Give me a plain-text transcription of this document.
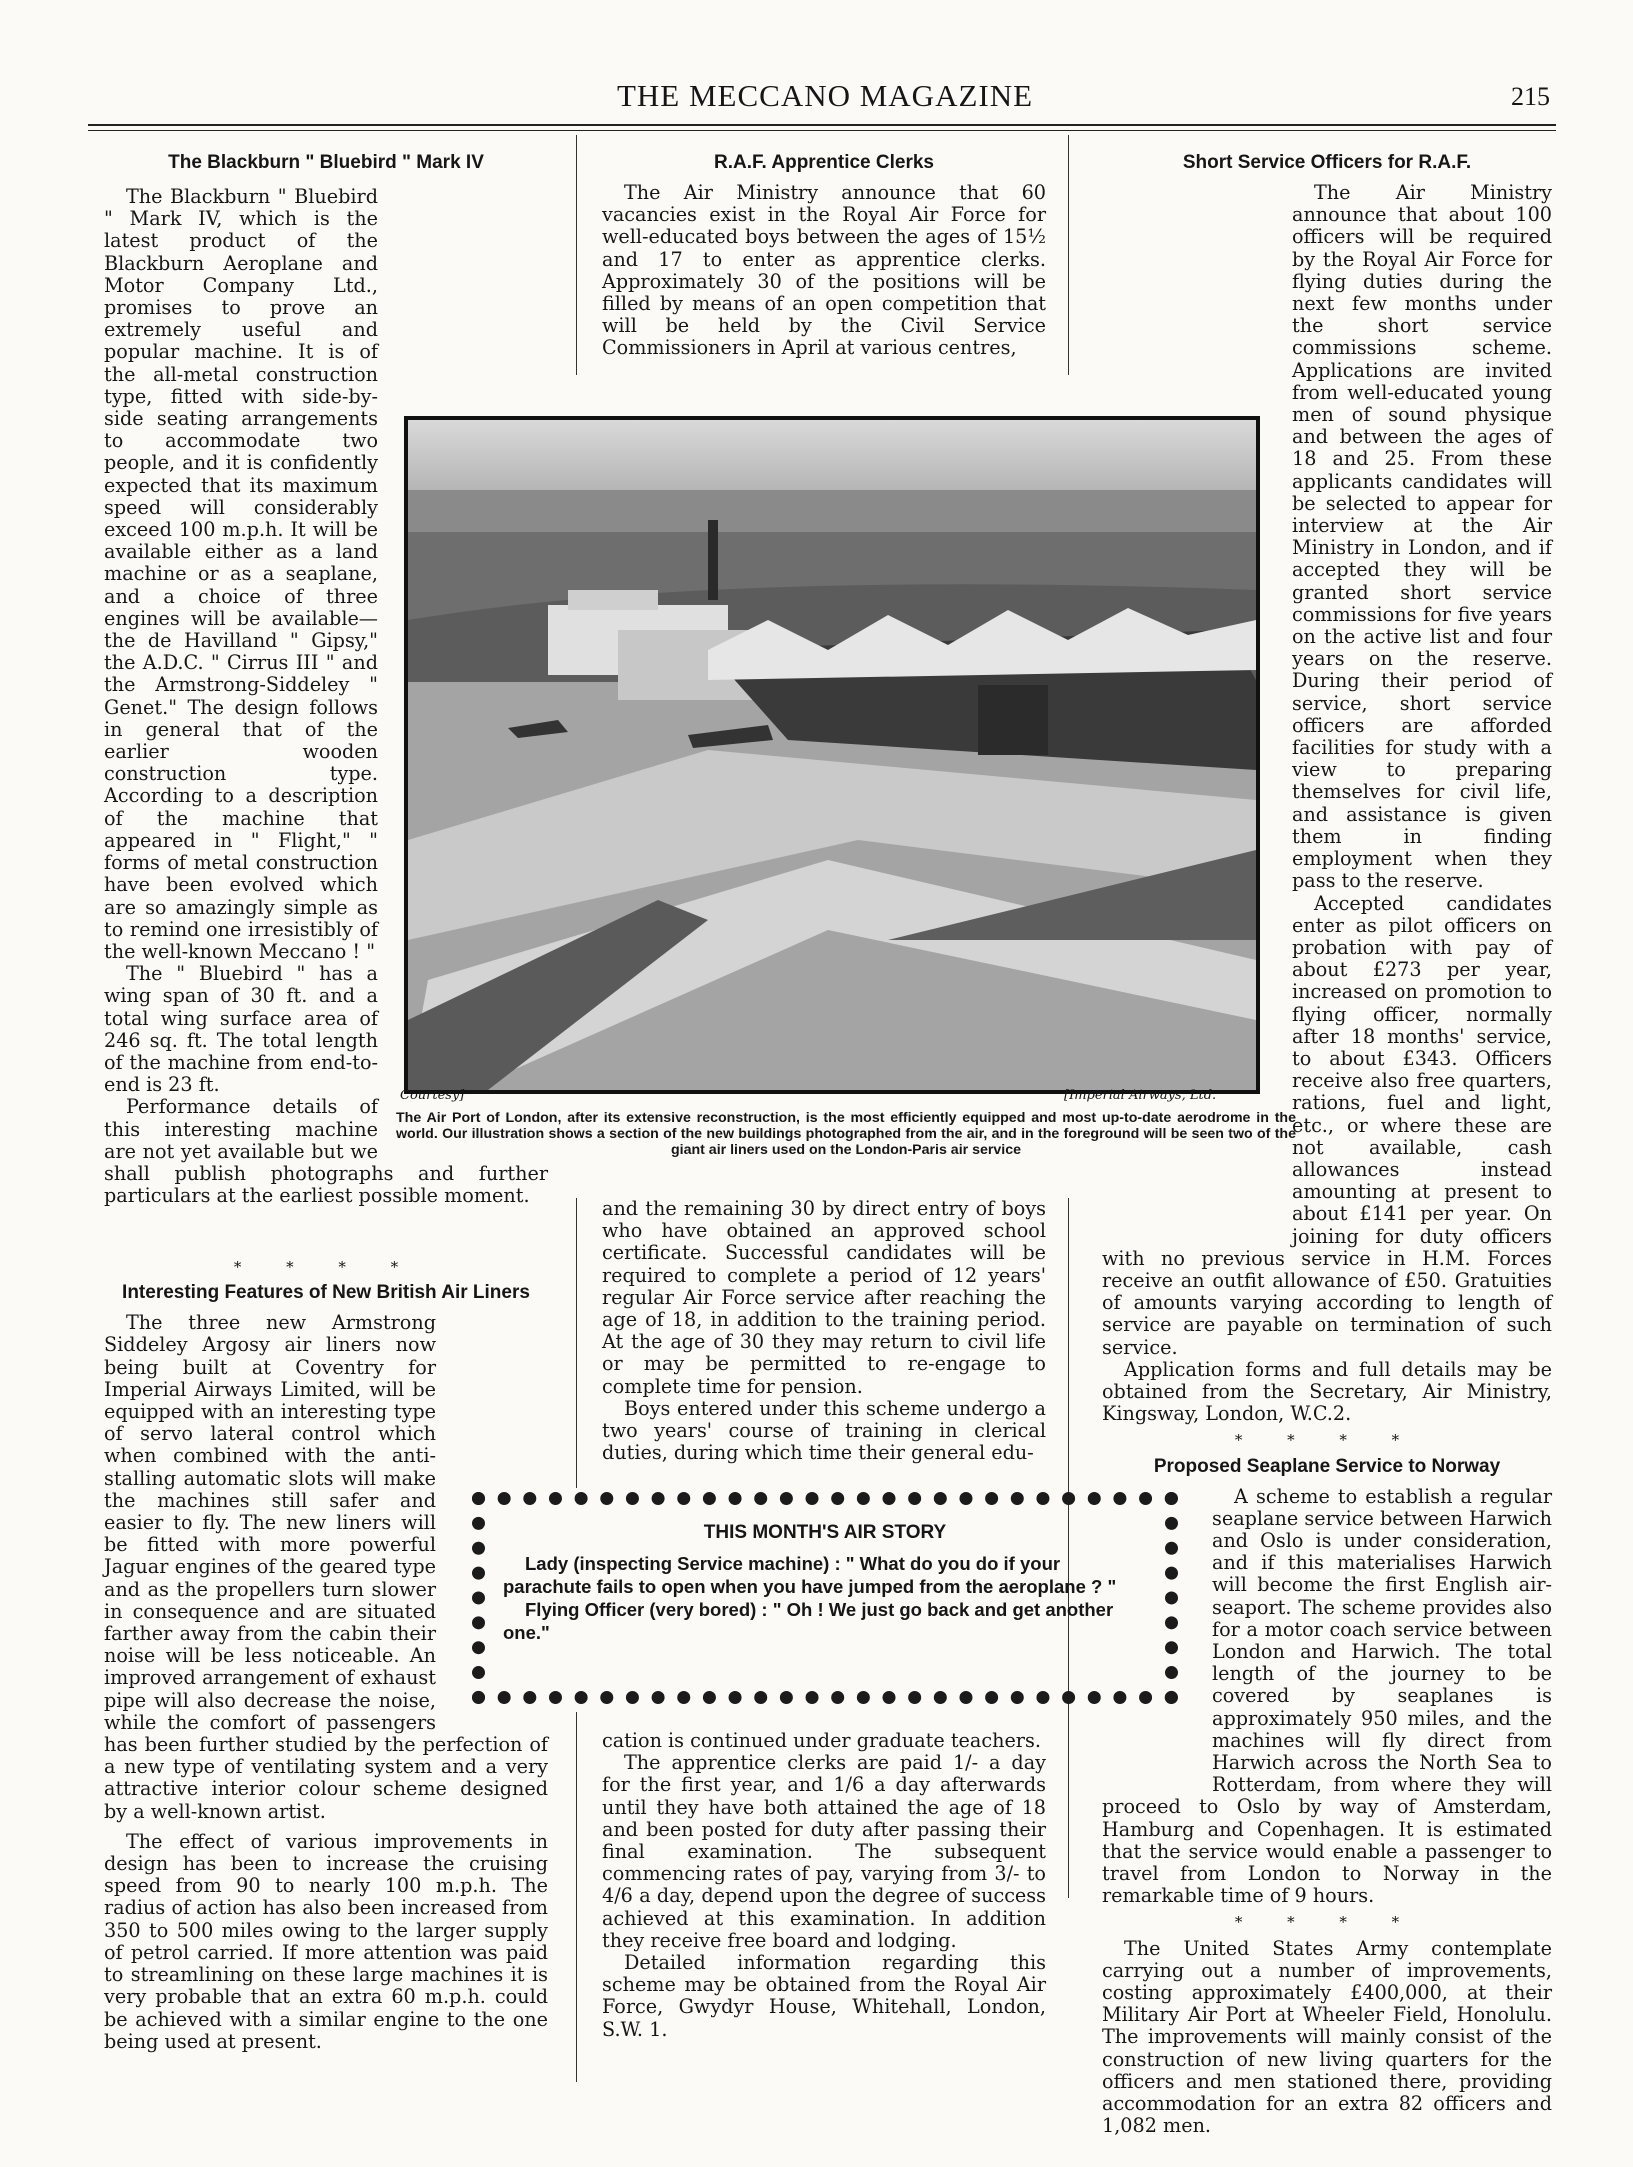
THE MECCANO MAGAZINE	215
The Blackburn " Bluebird " Mark IV

The Blackburn " Bluebird " Mark IV, which is the latest product of the Blackburn Aeroplane and Motor Company Ltd., promises to prove an extremely useful and popular machine. It is of the all-metal construction type, fitted with side-by-side seating arrangements to accommodate two people, and it is confidently expected that its maximum speed will considerably exceed 100 m.p.h. It will be available either as a land machine or as a seaplane, and a choice of three engines will be available—the de Havilland " Gipsy," the A.D.C. " Cirrus III " and the Armstrong-Siddeley " Genet." The design follows in general that of the earlier wooden construction type. According to a description of the machine that appeared in " Flight," " forms of metal construction have been evolved which are so amazingly simple as to remind one irresistibly of the well-known Meccano ! "

The " Bluebird " has a wing span of 30 ft. and a total wing surface area of 246 sq. ft. The total length of the machine from end-to-end is 23 ft.

Performance details of this interesting machine are not yet available but we shall publish photographs and further particulars at the earliest possible moment.

* * * *
Interesting Features of New British Air Liners

The three new Armstrong Siddeley Argosy air liners now being built at Coventry for Imperial Airways Limited, will be equipped with an interesting type of servo lateral control which when combined with the anti-stalling automatic slots will make the machines still safer and easier to fly. The new liners will be fitted with more powerful Jaguar engines of the geared type and as the propellers turn slower in consequence and are situated farther away from the cabin their noise will be less noticeable. An improved arrangement of exhaust pipe will also decrease the noise, while the comfort of passengers has been further studied by the perfection of a new type of ventilating system and a very attractive interior colour scheme designed by a well-known artist.

The effect of various improvements in design has been to increase the cruising speed from 90 to nearly 100 m.p.h. The radius of action has also been increased from 350 to 500 miles owing to the larger supply of petrol carried. If more attention was paid to streamlining on these large machines it is very probable that an extra 60 m.p.h. could be achieved with a similar engine to the one being used at present.

R.A.F. Apprentice Clerks

The Air Ministry announce that 60 vacancies exist in the Royal Air Force for well-educated boys between the ages of 15½ and 17 to enter as apprentice clerks. Approximately 30 of the positions will be filled by means of an open competition that will be held by the Civil Service Commissioners in April at various centres,

and the remaining 30 by direct entry of boys who have obtained an approved school certificate. Successful candidates will be required to complete a period of 12 years' regular Air Force service after reaching the age of 18, in addition to the training period. At the age of 30 they may return to civil life or may be permitted to re-engage to complete time for pension.

Boys entered under this scheme undergo a two years' course of training in clerical duties, during which time their general edu-

cation is continued under graduate teachers.

The apprentice clerks are paid 1/- a day for the first year, and 1/6 a day afterwards until they have both attained the age of 18 and been posted for duty after passing their final examination. The subsequent commencing rates of pay, varying from 3/- to 4/6 a day, depend upon the degree of success achieved at this examination. In addition they receive free board and lodging.

Detailed information regarding this scheme may be obtained from the Royal Air Force, Gwydyr House, Whitehall, London, S.W. 1.

Short Service Officers for R.A.F.

The Air Ministry announce that about 100 officers will be required by the Royal Air Force for flying duties during the next few months under the short service commissions scheme. Applications are invited from well-educated young men of sound physique and between the ages of 18 and 25. From these applicants candidates will be selected to appear for interview at the Air Ministry in London, and if accepted they will be granted short service commissions for five years on the active list and four years on the reserve. During their period of service, short service officers are afforded facilities for study with a view to preparing themselves for civil life, and assistance is given them in finding employment when they pass to the reserve.

Accepted candidates enter as pilot officers on probation with pay of about £273 per year, increased on promotion to flying officer, normally after 18 months' service, to about £343. Officers receive also free quarters, rations, fuel and light, etc., or where these are not available, cash allowances instead amounting at present to about £141 per year. On joining for duty officers with no previous service in H.M. Forces receive an outfit allowance of £50. Gratuities of amounts varying according to length of service are payable on termination of such service.

Application forms and full details may be obtained from the Secretary, Air Ministry, Kingsway, London, W.C.2.

* * * *
Proposed Seaplane Service to Norway

A scheme to establish a regular seaplane service between Harwich and Oslo is under consideration, and if this materialises Harwich will become the first English air-seaport. The scheme provides also for a motor coach service between London and Harwich. The total length of the journey to be covered by seaplanes is approximately 950 miles, and the machines will fly direct from Harwich across the North Sea to Rotterdam, from where they will proceed to Oslo by way of Amsterdam, Hamburg and Copenhagen. It is estimated that the service would enable a passenger to travel from London to Norway in the remarkable time of 9 hours.

* * * *

The United States Army contemplate carrying out a number of improvements, costing approximately £400,000, at their Military Air Port at Wheeler Field, Honolulu. The improvements will mainly consist of the construction of new living quarters for the officers and men stationed there, providing accommodation for an extra 82 officers and 1,082 men.

Courtesy]	[Imperial Airways, Ltd.
The Air Port of London, after its extensive reconstruction, is the most efficiently equipped and most up-to-date aerodrome in the world. Our illustration shows a section of the new buildings photographed from the air, and in the foreground will be seen two of the giant air liners used on the London-Paris air service
THIS MONTH'S AIR STORY

Lady (inspecting Service machine) : " What do you do if your parachute fails to open when you have jumped from the aeroplane ? "

Flying Officer (very bored) : " Oh ! We just go back and get another one."
